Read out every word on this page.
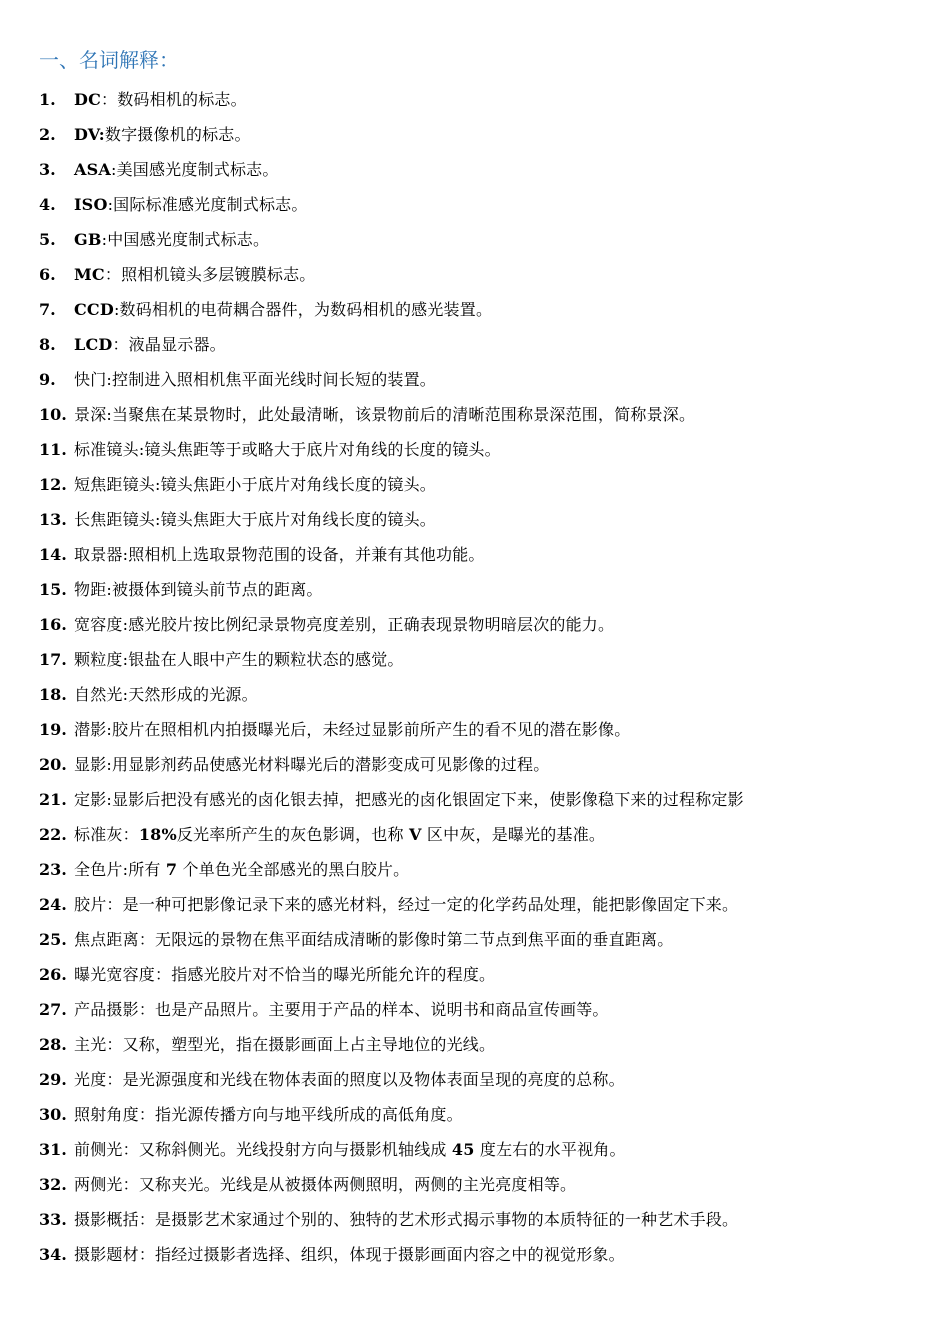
一、名词解释：
1.	DC：数码相机的标志。
2.	DV:数字摄像机的标志。
3.	ASA:美国感光度制式标志。
4.	ISO:国际标准感光度制式标志。
5.	GB:中国感光度制式标志。
6.	MC：照相机镜头多层镀膜标志。
7.	CCD:数码相机的电荷耦合器件，为数码相机的感光装置。
8.	LCD：液晶显示器。
9.	快门:控制进入照相机焦平面光线时间长短的装置。
10. 景深:当聚焦在某景物时，此处最清晰，该景物前后的清晰范围称景深范围，简称景深。
11. 标准镜头:镜头焦距等于或略大于底片对角线的长度的镜头。
12. 短焦距镜头:镜头焦距小于底片对角线长度的镜头。
13. 长焦距镜头:镜头焦距大于底片对角线长度的镜头。
14. 取景器:照相机上选取景物范围的设备，并兼有其他功能。
15. 物距:被摄体到镜头前节点的距离。
16. 宽容度:感光胶片按比例纪录景物亮度差别，正确表现景物明暗层次的能力。
17. 颗粒度:银盐在人眼中产生的颗粒状态的感觉。
18. 自然光:天然形成的光源。
19. 潜影:胶片在照相机内拍摄曝光后，未经过显影前所产生的看不见的潜在影像。
20. 显影:用显影剂药品使感光材料曝光后的潜影变成可见影像的过程。
21. 定影:显影后把没有感光的卤化银去掉，把感光的卤化银固定下来，使影像稳下来的过程称定影
22. 标准灰：18%反光率所产生的灰色影调，也称 V 区中灰，是曝光的基准。
23. 全色片:所有 7 个单色光全部感光的黑白胶片。
24. 胶片：是一种可把影像记录下来的感光材料，经过一定的化学药品处理，能把影像固定下来。
25. 焦点距离：无限远的景物在焦平面结成清晰的影像时第二节点到焦平面的垂直距离。
26. 曝光宽容度：指感光胶片对不恰当的曝光所能允许的程度。
27. 产品摄影：也是产品照片。主要用于产品的样本、说明书和商品宣传画等。
28. 主光：又称，塑型光，指在摄影画面上占主导地位的光线。
29. 光度：是光源强度和光线在物体表面的照度以及物体表面呈现的亮度的总称。
30. 照射角度：指光源传播方向与地平线所成的高低角度。
31. 前侧光：又称斜侧光。光线投射方向与摄影机轴线成 45 度左右的水平视角。
32. 两侧光：又称夹光。光线是从被摄体两侧照明，两侧的主光亮度相等。
33. 摄影概括：是摄影艺术家通过个别的、独特的艺术形式揭示事物的本质特征的一种艺术手段。
34. 摄影题材：指经过摄影者选择、组织，体现于摄影画面内容之中的视觉形象。
